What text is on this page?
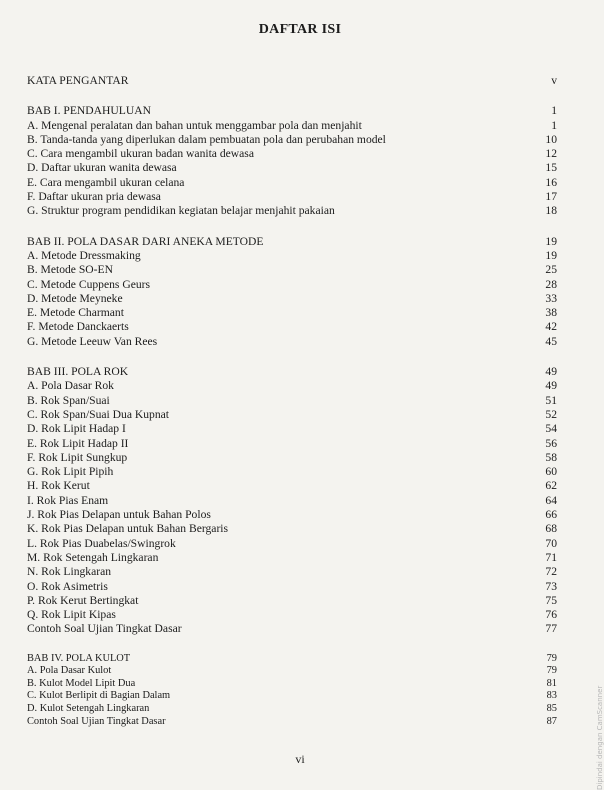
DAFTAR ISI
KATA PENGANTAR	v
BAB I. PENDAHULUAN	1
A. Mengenal peralatan dan bahan untuk menggambar pola dan menjahit	1
B. Tanda-tanda yang diperlukan dalam pembuatan pola dan perubahan model	10
C. Cara mengambil ukuran badan wanita dewasa	12
D. Daftar ukuran wanita dewasa	15
E. Cara mengambil ukuran celana	16
F. Daftar ukuran pria dewasa	17
G. Struktur program pendidikan kegiatan belajar menjahit pakaian	18
BAB II. POLA DASAR DARI ANEKA METODE	19
A. Metode Dressmaking	19
B. Metode SO-EN	25
C. Metode Cuppens Geurs	28
D. Metode Meyneke	33
E. Metode Charmant	38
F. Metode Danckaerts	42
G. Metode Leeuw Van Rees	45
BAB III. POLA ROK	49
A. Pola Dasar Rok	49
B. Rok Span/Suai	51
C. Rok Span/Suai Dua Kupnat	52
D. Rok Lipit Hadap I	54
E. Rok Lipit Hadap II	56
F. Rok Lipit Sungkup	58
G. Rok Lipit Pipih	60
H. Rok Kerut	62
I. Rok Pias Enam	64
J. Rok Pias Delapan untuk Bahan Polos	66
K. Rok Pias Delapan untuk Bahan Bergaris	68
L. Rok Pias Duabelas/Swingrok	70
M. Rok Setengah Lingkaran	71
N. Rok Lingkaran	72
O. Rok Asimetris	73
P. Rok Kerut Bertingkat	75
Q. Rok Lipit Kipas	76
Contoh Soal Ujian Tingkat Dasar	77
BAB IV. POLA KULOT	79
A. Pola Dasar Kulot	79
B. Kulot Model Lipit Dua	81
C. Kulot Berlipit di Bagian Dalam	83
D. Kulot Setengah Lingkaran	85
Contoh Soal Ujian Tingkat Dasar	87
vi	Dipindai dengan CamScanner
